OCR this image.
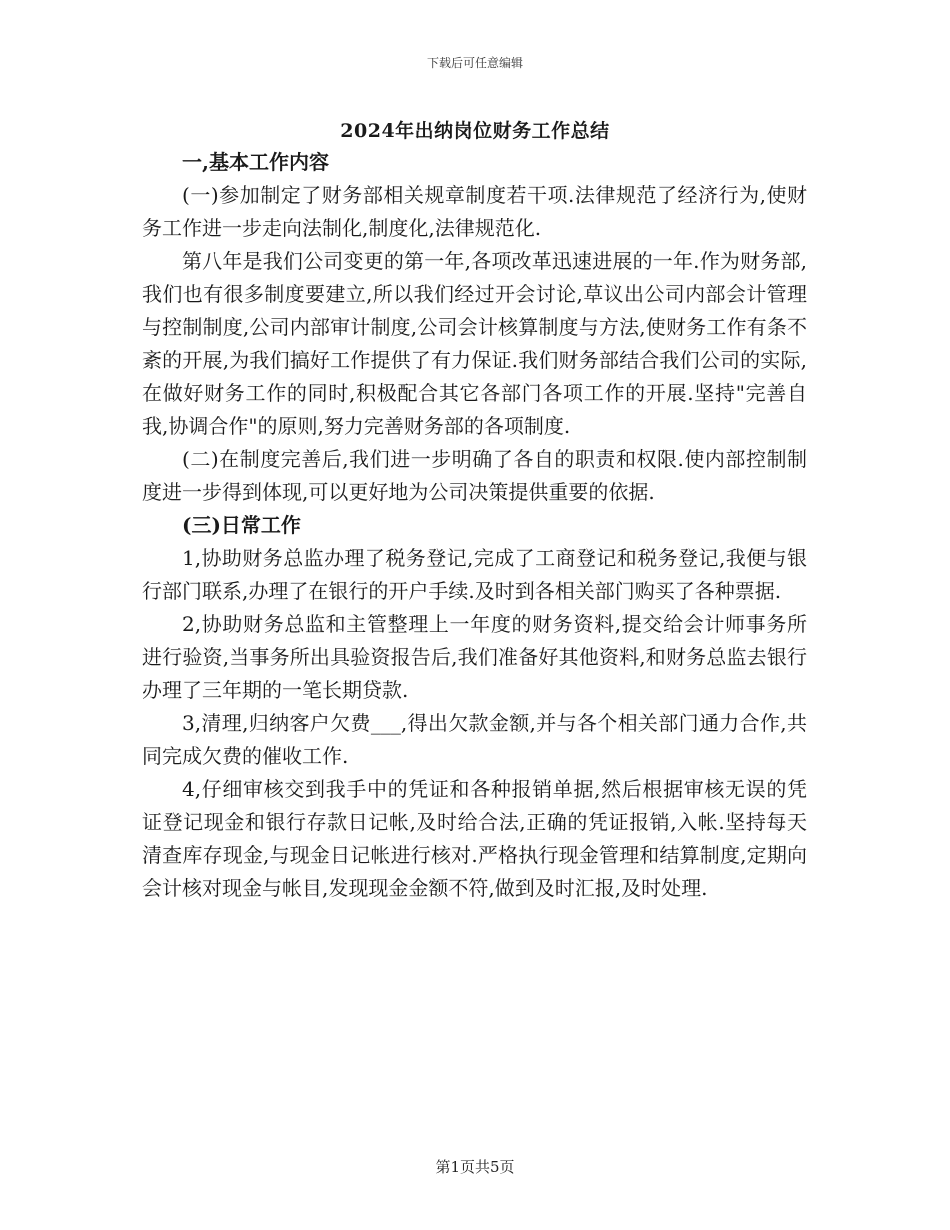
下载后可任意编辑
2024年出纳岗位财务工作总结

一,基本工作内容

(一)参加制定了财务部相关规章制度若干项.法律规范了经济行为,使财务工作进一步走向法制化,制度化,法律规范化.

第八年是我们公司变更的第一年,各项改革迅速进展的一年.作为财务部,我们也有很多制度要建立,所以我们经过开会讨论,草议出公司内部会计管理与控制制度,公司内部审计制度,公司会计核算制度与方法,使财务工作有条不紊的开展,为我们搞好工作提供了有力保证.我们财务部结合我们公司的实际,在做好财务工作的同时,积极配合其它各部门各项工作的开展.坚持"完善自我,协调合作"的原则,努力完善财务部的各项制度.

(二)在制度完善后,我们进一步明确了各自的职责和权限.使内部控制制度进一步得到体现,可以更好地为公司决策提供重要的依据.

(三)日常工作

1,协助财务总监办理了税务登记,完成了工商登记和税务登记,我便与银行部门联系,办理了在银行的开户手续.及时到各相关部门购买了各种票据.

2,协助财务总监和主管整理上一年度的财务资料,提交给会计师事务所进行验资,当事务所出具验资报告后,我们准备好其他资料,和财务总监去银行办理了三年期的一笔长期贷款.

3,清理,归纳客户欠费___,得出欠款金额,并与各个相关部门通力合作,共同完成欠费的催收工作.

4,仔细审核交到我手中的凭证和各种报销单据,然后根据审核无误的凭证登记现金和银行存款日记帐,及时给合法,正确的凭证报销,入帐.坚持每天清查库存现金,与现金日记帐进行核对.严格执行现金管理和结算制度,定期向会计核对现金与帐目,发现现金金额不符,做到及时汇报,及时处理.

第1页共5页
